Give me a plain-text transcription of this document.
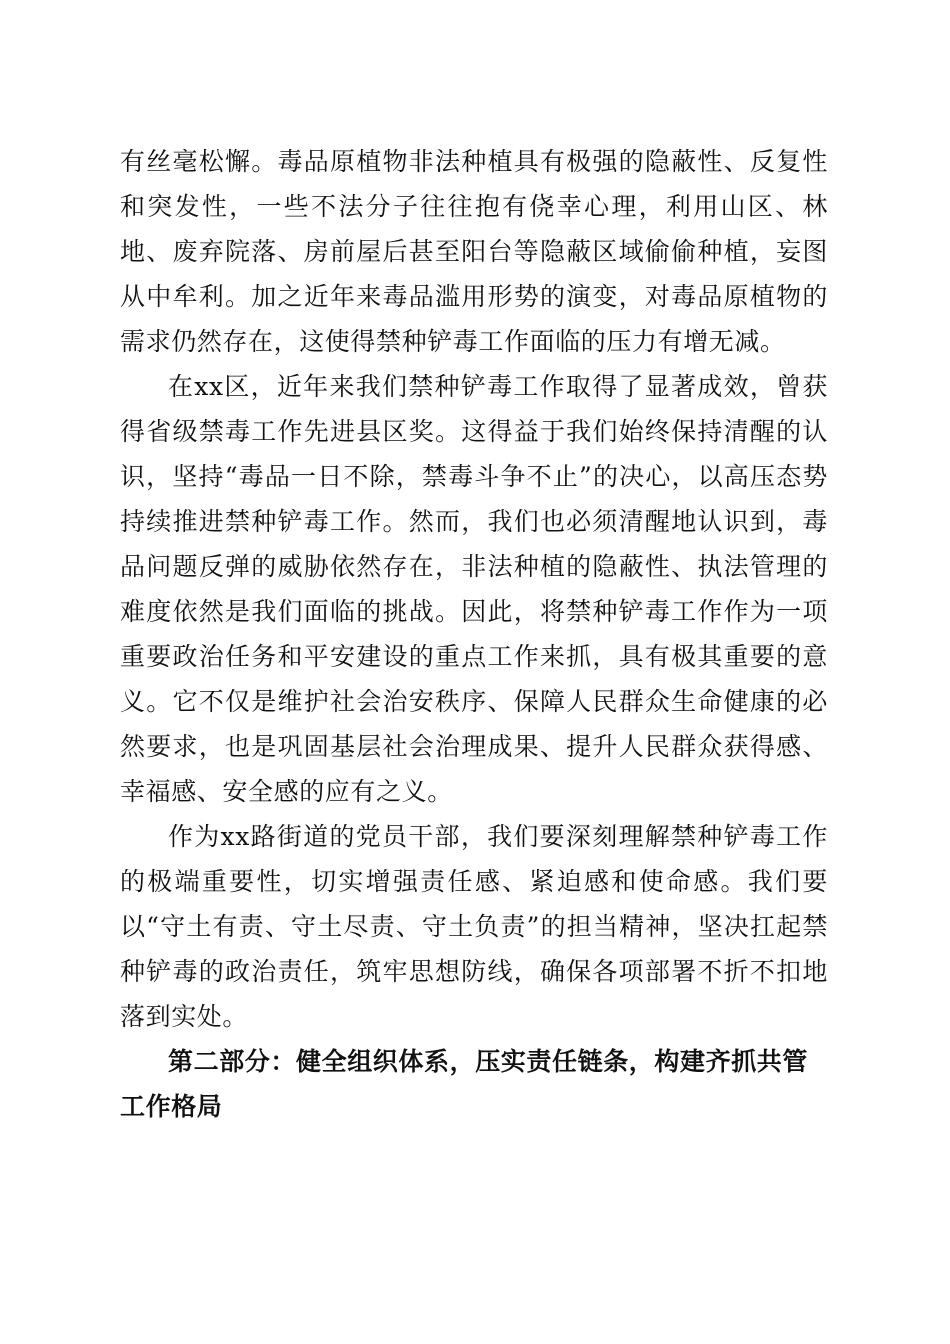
有丝毫松懈。毒品原植物非法种植具有极强的隐蔽性、反复性和突发性，一些不法分子往往抱有侥幸心理，利用山区、林地、废弃院落、房前屋后甚至阳台等隐蔽区域偷偷种植，妄图从中牟利。加之近年来毒品滥用形势的演变，对毒品原植物的需求仍然存在，这使得禁种铲毒工作面临的压力有增无减。

在xx区，近年来我们禁种铲毒工作取得了显著成效，曾获得省级禁毒工作先进县区奖。这得益于我们始终保持清醒的认识，坚持“毒品一日不除，禁毒斗争不止”的决心，以高压态势持续推进禁种铲毒工作。然而，我们也必须清醒地认识到，毒品问题反弹的威胁依然存在，非法种植的隐蔽性、执法管理的难度依然是我们面临的挑战。因此，将禁种铲毒工作作为一项重要政治任务和平安建设的重点工作来抓，具有极其重要的意义。它不仅是维护社会治安秩序、保障人民群众生命健康的必然要求，也是巩固基层社会治理成果、提升人民群众获得感、幸福感、安全感的应有之义。

作为xx路街道的党员干部，我们要深刻理解禁种铲毒工作的极端重要性，切实增强责任感、紧迫感和使命感。我们要以“守土有责、守土尽责、守土负责”的担当精神，坚决扛起禁种铲毒的政治责任，筑牢思想防线，确保各项部署不折不扣地落到实处。

第二部分：健全组织体系，压实责任链条，构建齐抓共管工作格局
